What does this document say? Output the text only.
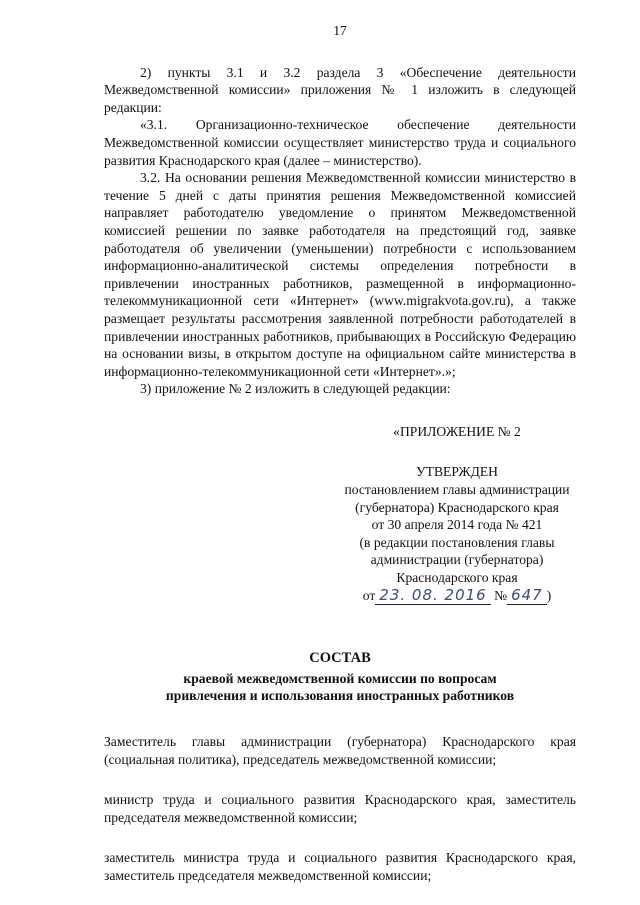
17

2) пункты 3.1 и 3.2 раздела 3 «Обеспечение деятельности Межведомственной комиссии» приложения № 1 изложить в следующей редакции:

«3.1. Организационно-техническое обеспечение деятельности Межведомственной комиссии осуществляет министерство труда и социального развития Краснодарского края (далее – министерство).

3.2. На основании решения Межведомственной комиссии министерство в течение 5 дней с даты принятия решения Межведомственной комиссией направляет работодателю уведомление о принятом Межведомственной комиссией решении по заявке работодателя на предстоящий год, заявке работодателя об увеличении (уменьшении) потребности с использованием информационно-аналитической системы определения потребности в привлечении иностранных работников, размещенной в информационно-телекоммуникационной сети «Интернет» (www.migrakvota.gov.ru), а также размещает результаты рассмотрения заявленной потребности работодателей в привлечении иностранных работников, прибывающих в Российскую Федерацию на основании визы, в открытом доступе на официальном сайте министерства в информационно-телекоммуникационной сети «Интернет».»;

3) приложение № 2 изложить в следующей редакции:

«ПРИЛОЖЕНИЕ № 2

УТВЕРЖДЕН

постановлением главы администрации

(губернатора) Краснодарского края

от 30 апреля 2014 года № 421

(в редакции постановления главы

администрации (губернатора)

Краснодарского края

от 23. 08. 2016 № 647 )

СОСТАВ
краевой межведомственной комиссии по вопросам
привлечения и использования иностранных работников

Заместитель главы администрации (губернатора) Краснодарского края (социальная политика), председатель межведомственной комиссии;

министр труда и социального развития Краснодарского края, заместитель председателя межведомственной комиссии;

заместитель министра труда и социального развития Краснодарского края, заместитель председателя межведомственной комиссии;
